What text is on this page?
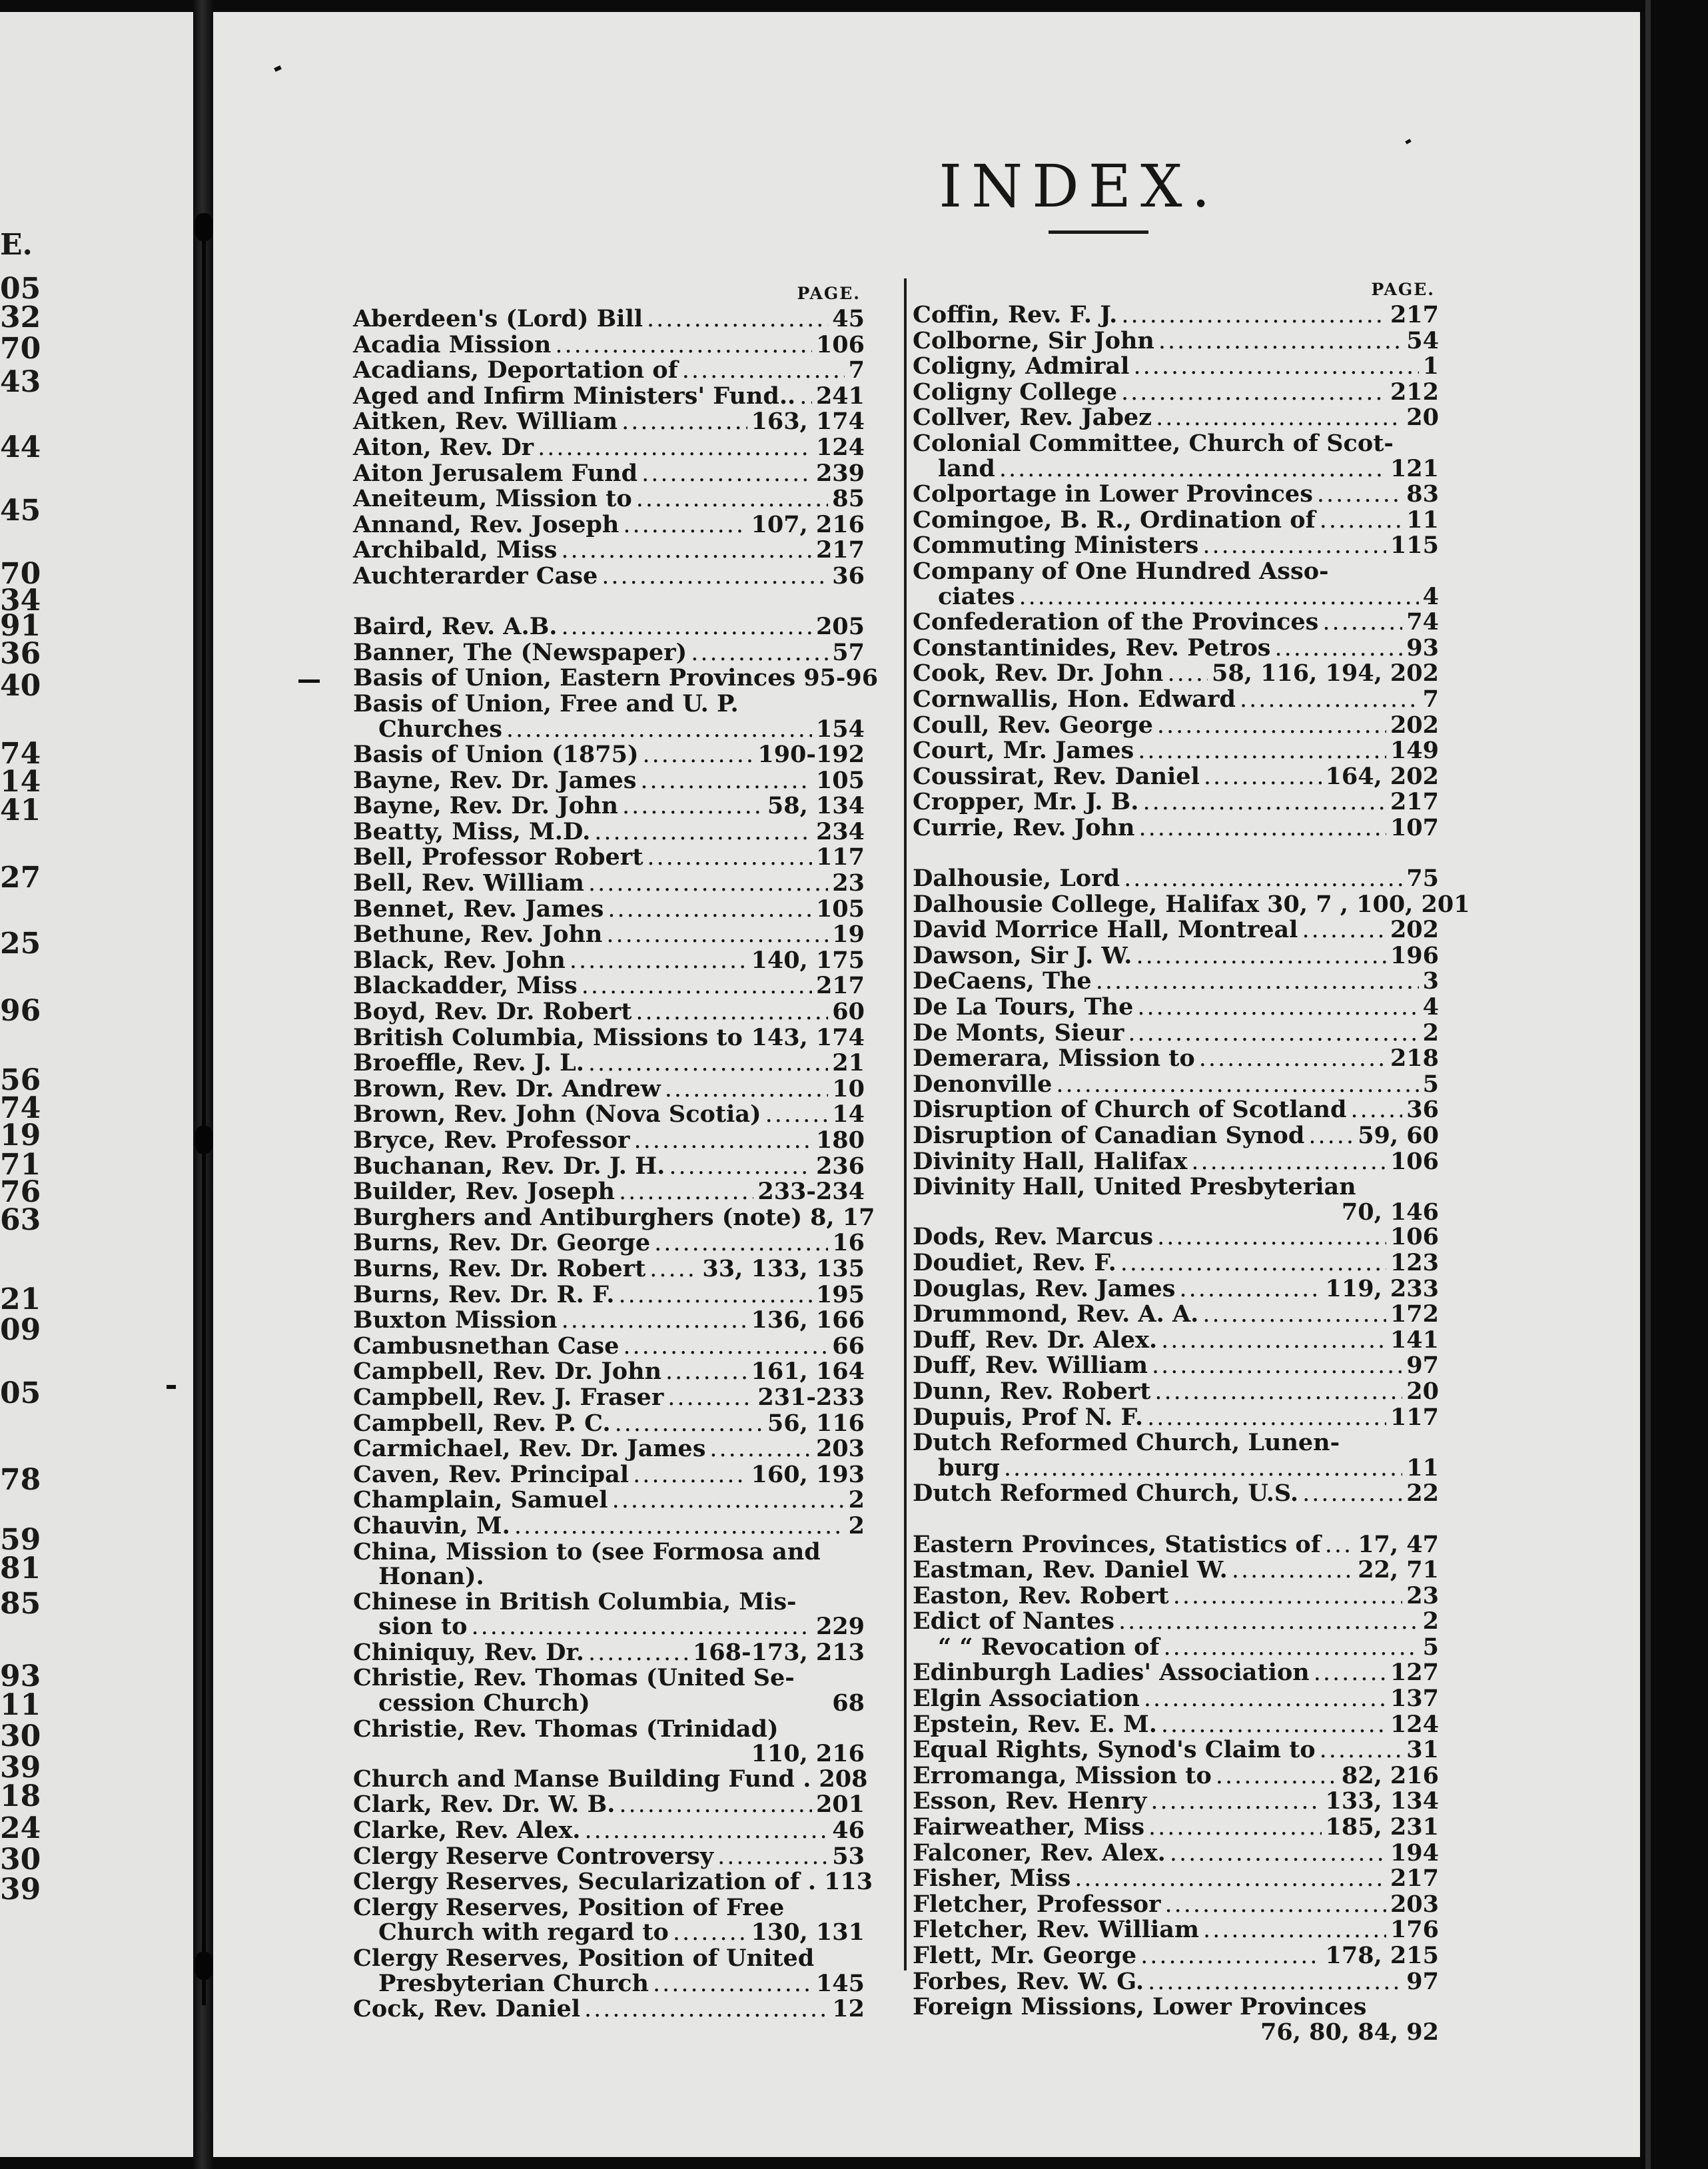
E.
05
32
70
43
44
45
70
34
91
36
40
74
14
41
27
25
96
56
74
19
71
76
63
21
09
05
78
59
81
85
93
11
30
39
18
24
30
39
INDEX.
PAGE.
Aberdeen's (Lord) Bill .....	45
Acadia Mission .....	106
Acadians, Deportation of .....	7
Aged and Infirm Ministers' Fund.. ..... 241
Aitken, Rev. William .....	163, 174
Aiton, Rev. Dr .....	124
Aiton Jerusalem Fund .....	239
Aneiteum, Mission to .....	85
Annand, Rev. Joseph .....	107, 216
Archibald, Miss .....	217
Auchterarder Case .....	36
Baird, Rev. A.B. .....	205
Banner, The (Newspaper) .....	57
Basis of Union, Eastern Provinces 95-96
Basis of Union, Free and U. P.
Churches .....	154
Basis of Union (1875) .....	190-192
Bayne, Rev. Dr. James .....	105
Bayne, Rev. Dr. John .....	58, 134
Beatty, Miss, M.D. .....	234
Bell, Professor Robert .....	117
Bell, Rev. William .....	23
Bennet, Rev. James .....	105
Bethune, Rev. John .....	19
Black, Rev. John .....	140, 175
Blackadder, Miss .....	217
Boyd, Rev. Dr. Robert .....	60
British Columbia, Missions to ..... 143, 174
Broeffle, Rev. J. L. .....	21
Brown, Rev. Dr. Andrew .....	10
Brown, Rev. John (Nova Scotia) .....	14
Bryce, Rev. Professor .....	180
Buchanan, Rev. Dr. J. H. .....	236
Builder, Rev. Joseph .....	233-234
Burghers and Antiburghers (note) 8, 17
Burns, Rev. Dr. George .....	16
Burns, Rev. Dr. Robert ..... 33, 133, 135
Burns, Rev. Dr. R. F. .....	195
Buxton Mission .....	136, 166
Cambusnethan Case .....	66
Campbell, Rev. Dr. John .....	161, 164
Campbell, Rev. J. Fraser .....	231-233
Campbell, Rev. P. C. .....	56, 116
Carmichael, Rev. Dr. James .....	203
Caven, Rev. Principal .....	160, 193
Champlain, Samuel .....	2
Chauvin, M. .....	2
China, Mission to (see Formosa and
Honan).
Chinese in British Columbia, Mis-
sion to .....	229
Chiniquy, Rev. Dr. .....	168-173, 213
Christie, Rev. Thomas (United Se-
cession Church)	68
Christie, Rev. Thomas (Trinidad)
110, 216
Church and Manse Building Fund . 208
Clark, Rev. Dr. W. B. .....	201
Clarke, Rev. Alex. .....	46
Clergy Reserve Controversy .....	53
Clergy Reserves, Secularization of . 113
Clergy Reserves, Position of Free
Church with regard to .....	130, 131
Clergy Reserves, Position of United
Presbyterian Church .....	145
Cock, Rev. Daniel .....	12
PAGE.
Coffin, Rev. F. J. .....	217
Colborne, Sir John .....	54
Coligny, Admiral .....	1
Coligny College .....	212
Collver, Rev. Jabez .....	20
Colonial Committee, Church of Scot-
land .....	121
Colportage in Lower Provinces .....	83
Comingoe, B. R., Ordination of .....	11
Commuting Ministers .....	115
Company of One Hundred Asso-
ciates .....	4
Confederation of the Provinces .....	74
Constantinides, Rev. Petros .....	93
Cook, Rev. Dr. John ..... 58, 116, 194, 202
Cornwallis, Hon. Edward .....	7
Coull, Rev. George .....	202
Court, Mr. James .....	149
Coussirat, Rev. Daniel .....	164, 202
Cropper, Mr. J. B. .....	217
Currie, Rev. John .....	107
Dalhousie, Lord .....	75
Dalhousie College, Halifax 30, 7 , 100, 201
David Morrice Hall, Montreal .....	202
Dawson, Sir J. W. .....	196
DeCaens, The .....	3
De La Tours, The .....	4
De Monts, Sieur .....	2
Demerara, Mission to .....	218
Denonville .....	5
Disruption of Church of Scotland .....	36
Disruption of Canadian Synod ..... 59, 60
Divinity Hall, Halifax .....	106
Divinity Hall, United Presbyterian
70, 146
Dods, Rev. Marcus .....	106
Doudiet, Rev. F. .....	123
Douglas, Rev. James .....	119, 233
Drummond, Rev. A. A. .....	172
Duff, Rev. Dr. Alex. .....	141
Duff, Rev. William .....	97
Dunn, Rev. Robert .....	20
Dupuis, Prof N. F. .....	117
Dutch Reformed Church, Lunen-
burg .....	11
Dutch Reformed Church, U.S. .....	22
Eastern Provinces, Statistics of ..... 17, 47
Eastman, Rev. Daniel W. .....	22, 71
Easton, Rev. Robert .....	23
Edict of Nantes .....	2
“ “ Revocation of .....	5
Edinburgh Ladies' Association .....	127
Elgin Association .....	137
Epstein, Rev. E. M. .....	124
Equal Rights, Synod's Claim to .....	31
Erromanga, Mission to .....	82, 216
Esson, Rev. Henry .....	133, 134
Fairweather, Miss .....	185, 231
Falconer, Rev. Alex. .....	194
Fisher, Miss .....	217
Fletcher, Professor .....	203
Fletcher, Rev. William .....	176
Flett, Mr. George .....	178, 215
Forbes, Rev. W. G. .....	97
Foreign Missions, Lower Provinces
76, 80, 84, 92
